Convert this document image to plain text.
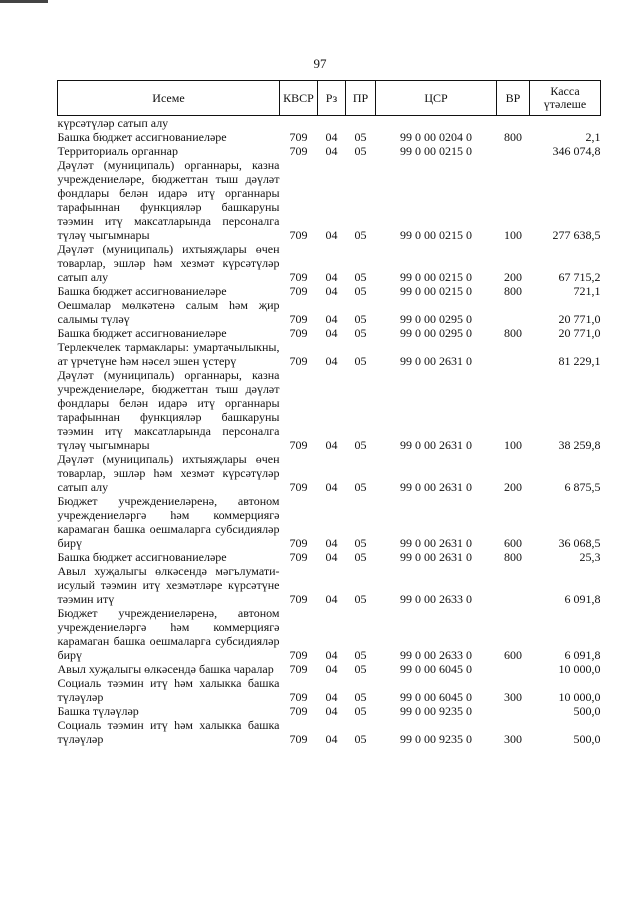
97
Исеме	КВСР	Рз	ПР	ЦСР	ВР	Касса
үтәлеше
күрсәтүләр сатып алу						
Башка бюджет ассигнованиеләре	709	04	05	99 0 00 0204 0	800	2,1
Территориаль органнар	709	04	05	99 0 00 0215 0		346 074,8
Дәүләт (муниципаль) органнары, казна учреждениеләре, бюджеттан тыш дәүләт фондлары белән идарә итү органнары тарафыннан функцияләр башкаруны тәэмин итү максатларында персоналга түләү чыгымнары	709	04	05	99 0 00 0215 0	100	277 638,5
Дәүләт (муниципаль) ихтыяҗлары өчен товарлар, эшләр һәм хезмәт күрсәтүләр сатып алу	709	04	05	99 0 00 0215 0	200	67 715,2
Башка бюджет ассигнованиеләре	709	04	05	99 0 00 0215 0	800	721,1
Оешмалар мөлкәтенә салым һәм җир салымы түләү	709	04	05	99 0 00 0295 0		20 771,0
Башка бюджет ассигнованиеләре	709	04	05	99 0 00 0295 0	800	20 771,0
Терлекчелек тармаклары: умартачылыкны, ат үрчетүне һәм нәсел эшен үстерү	709	04	05	99 0 00 2631 0		81 229,1
Дәүләт (муниципаль) органнары, казна учреждениеләре, бюджеттан тыш дәүләт фондлары белән идарә итү органнары тарафыннан функцияләр башкаруны тәэмин итү максатларында персоналга түләү чыгымнары	709	04	05	99 0 00 2631 0	100	38 259,8
Дәүләт (муниципаль) ихтыяҗлары өчен товарлар, эшләр һәм хезмәт күрсәтүләр сатып алу	709	04	05	99 0 00 2631 0	200	6 875,5
Бюджет учреждениеләренә, автоном учреждениеләргә һәм коммерциягә карамаган башка оешмаларга субсидияләр бирү	709	04	05	99 0 00 2631 0	600	36 068,5
Башка бюджет ассигнованиеләре	709	04	05	99 0 00 2631 0	800	25,3
Авыл хуҗалыгы өлкәсендә мәгълумати-исулый тәэмин итү хезмәтләре күрсәтүне тәэмин итү	709	04	05	99 0 00 2633 0		6 091,8
Бюджет учреждениеләренә, автоном учреждениеләргә һәм коммерциягә карамаган башка оешмаларга субсидияләр бирү	709	04	05	99 0 00 2633 0	600	6 091,8
Авыл хуҗалыгы өлкәсендә башка чаралар	709	04	05	99 0 00 6045 0		10 000,0
Социаль тәэмин итү һәм халыкка башка түләүләр	709	04	05	99 0 00 6045 0	300	10 000,0
Башка түләүләр	709	04	05	99 0 00 9235 0		500,0
Социаль тәэмин итү һәм халыкка башка түләүләр	709	04	05	99 0 00 9235 0	300	500,0
